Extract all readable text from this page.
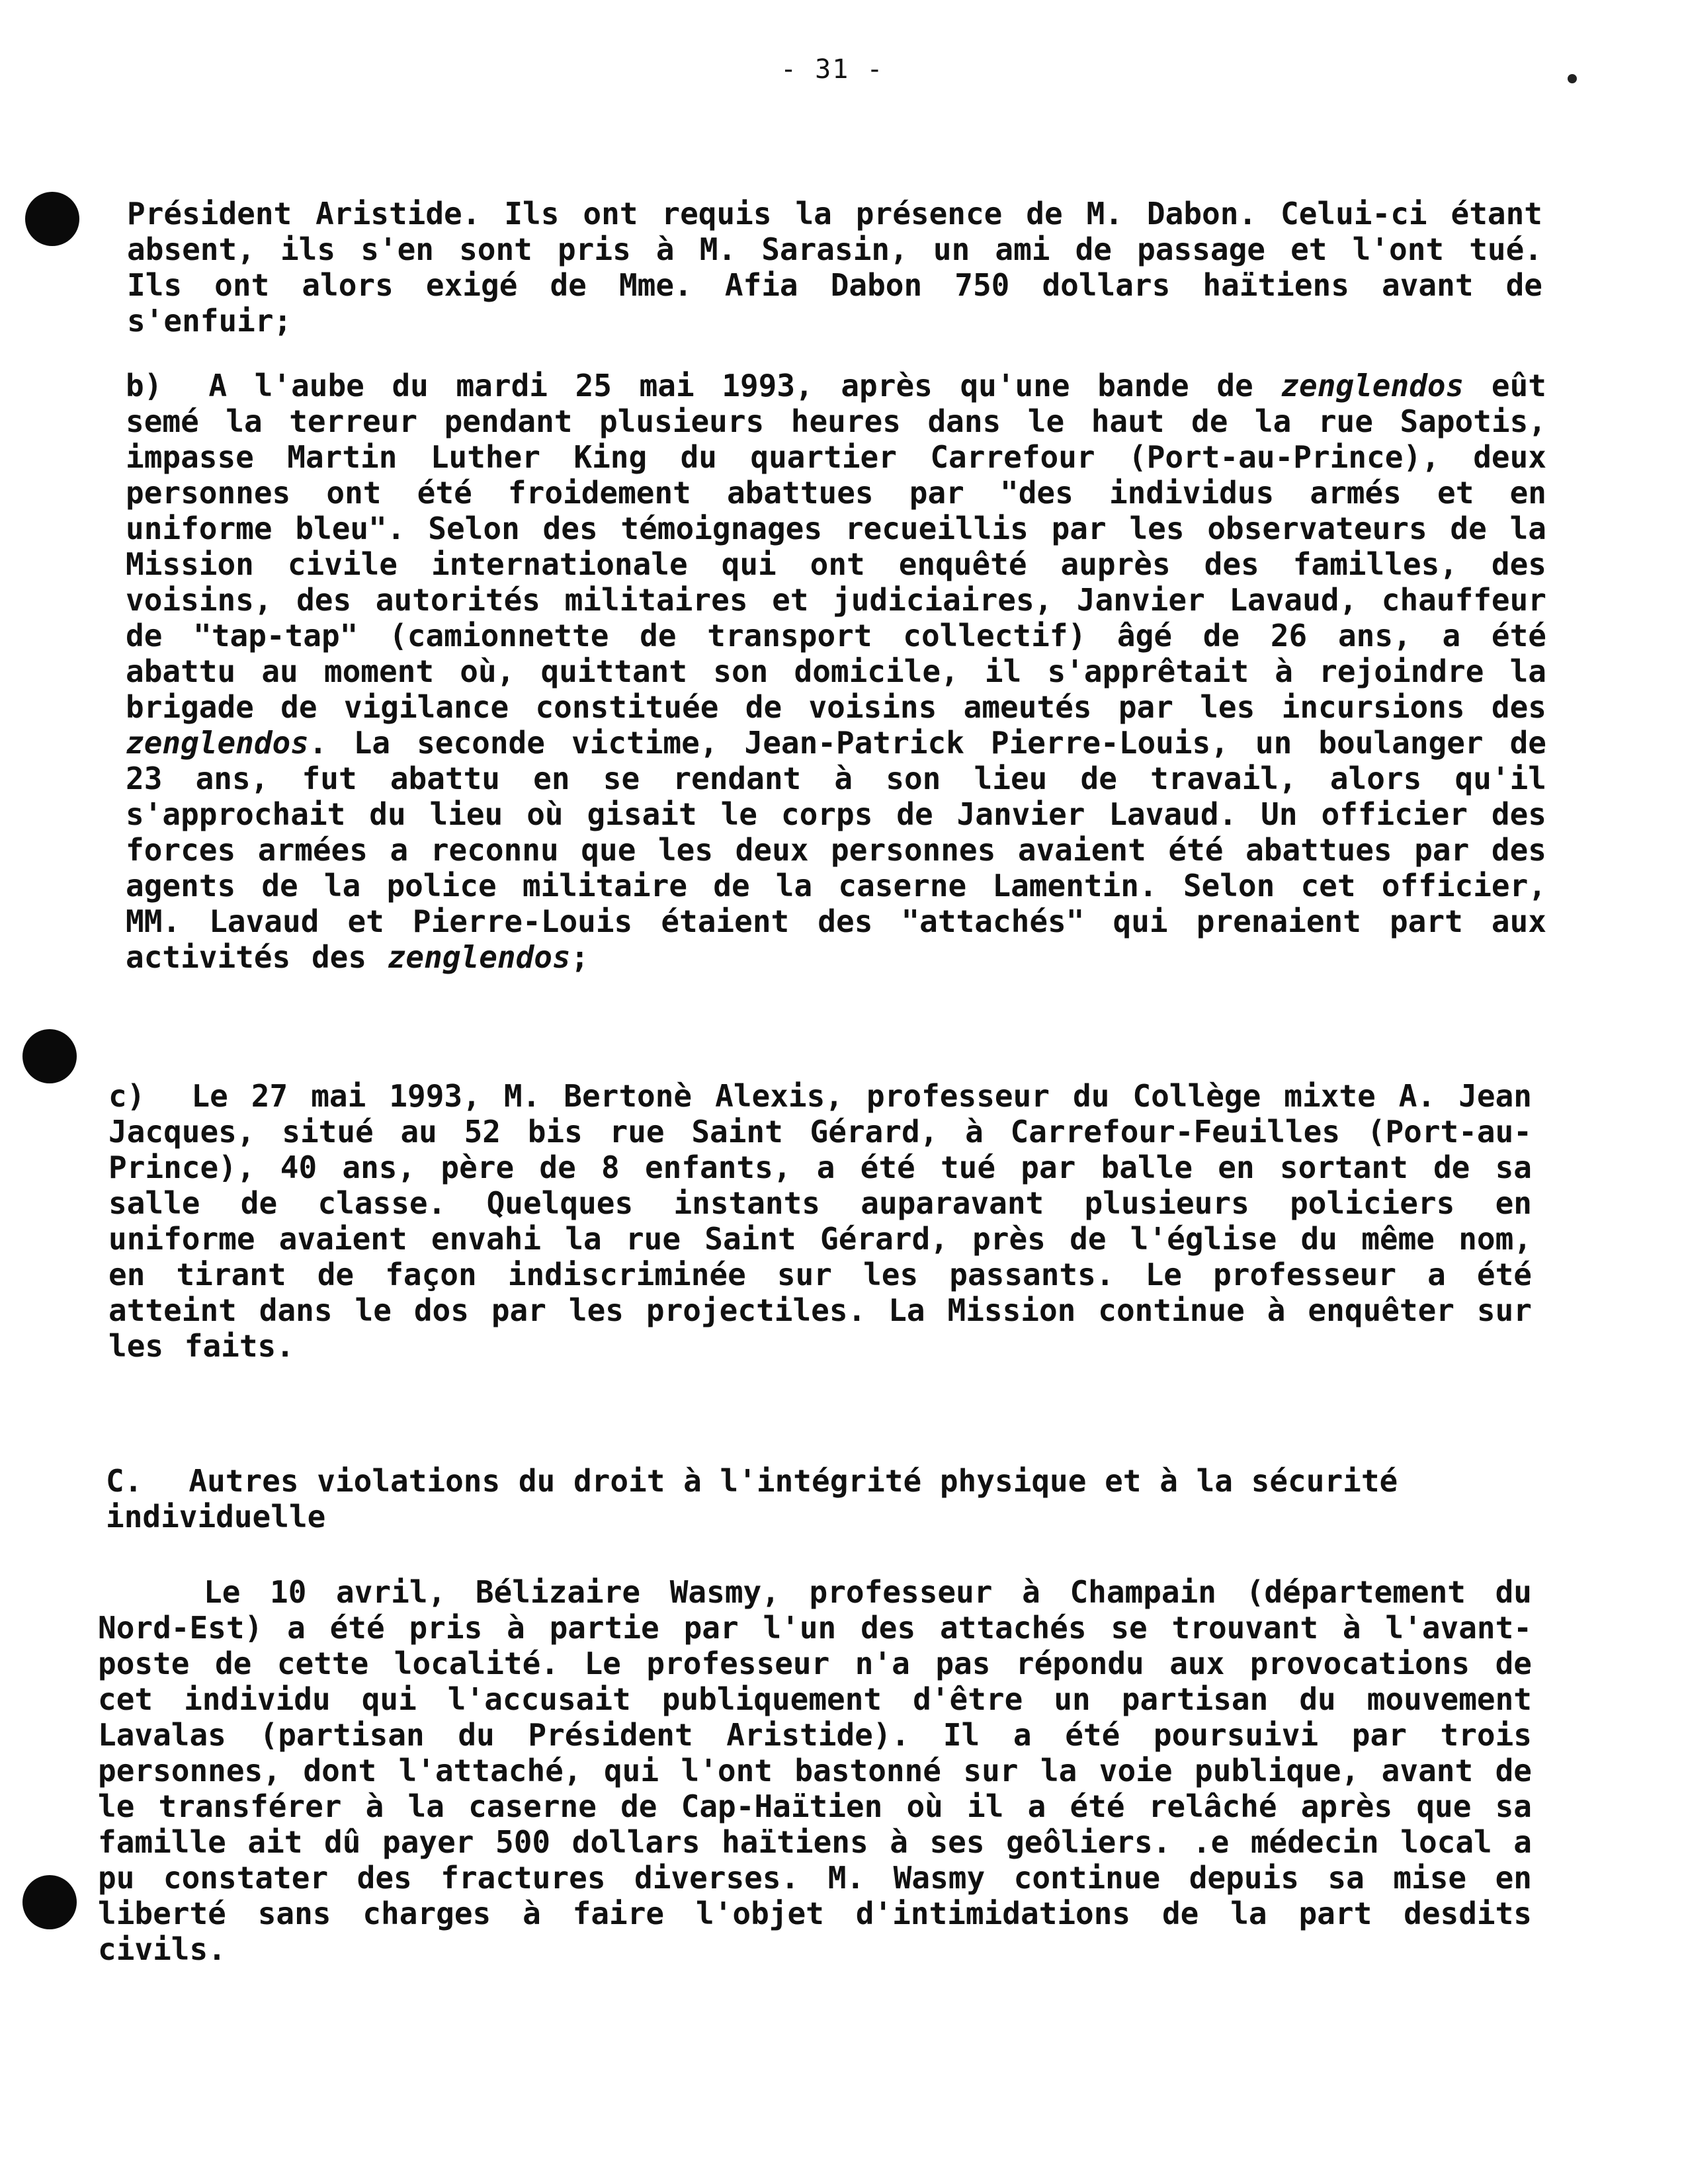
- 31 -
Président Aristide. Ils ont requis la présence de M. Dabon. Celui-ci étant absent, ils s'en sont pris à M. Sarasin, un ami de passage et l'ont tué. Ils ont alors exigé de Mme. Afia Dabon 750 dollars haïtiens avant de s'enfuir;
b) A l'aube du mardi 25 mai 1993, après qu'une bande de zenglendos eût semé la terreur pendant plusieurs heures dans le haut de la rue Sapotis, impasse Martin Luther King du quartier Carrefour (Port-au-Prince), deux personnes ont été froidement abattues par "des individus armés et en uniforme bleu". Selon des témoignages recueillis par les observateurs de la Mission civile internationale qui ont enquêté auprès des familles, des voisins, des autorités militaires et judiciaires, Janvier Lavaud, chauffeur de "tap-tap" (camionnette de transport collectif) âgé de 26 ans, a été abattu au moment où, quittant son domicile, il s'apprêtait à rejoindre la brigade de vigilance constituée de voisins ameutés par les incursions des zenglendos. La seconde victime, Jean-Patrick Pierre-Louis, un boulanger de 23 ans, fut abattu en se rendant à son lieu de travail, alors qu'il s'approchait du lieu où gisait le corps de Janvier Lavaud. Un officier des forces armées a reconnu que les deux personnes avaient été abattues par des agents de la police militaire de la caserne Lamentin. Selon cet officier, MM. Lavaud et Pierre-Louis étaient des "attachés" qui prenaient part aux activités des zenglendos;
c) Le 27 mai 1993, M. Bertonè Alexis, professeur du Collège mixte A. Jean Jacques, situé au 52 bis rue Saint Gérard, à Carrefour-Feuilles (Port-au-Prince), 40 ans, père de 8 enfants, a été tué par balle en sortant de sa salle de classe. Quelques instants auparavant plusieurs policiers en uniforme avaient envahi la rue Saint Gérard, près de l'église du même nom, en tirant de façon indiscriminée sur les passants. Le professeur a été atteint dans le dos par les projectiles. La Mission continue à enquêter sur les faits.
C. Autres violations du droit à l'intégrité physique et à la sécurité individuelle
Le 10 avril, Bélizaire Wasmy, professeur à Champain (département du Nord-Est) a été pris à partie par l'un des attachés se trouvant à l'avant-poste de cette localité. Le professeur n'a pas répondu aux provocations de cet individu qui l'accusait publiquement d'être un partisan du mouvement Lavalas (partisan du Président Aristide). Il a été poursuivi par trois personnes, dont l'attaché, qui l'ont bastonné sur la voie publique, avant de le transférer à la caserne de Cap-Haïtien où il a été relâché après que sa famille ait dû payer 500 dollars haïtiens à ses geôliers. .e médecin local a pu constater des fractures diverses. M. Wasmy continue depuis sa mise en liberté sans charges à faire l'objet d'intimidations de la part desdits civils.
